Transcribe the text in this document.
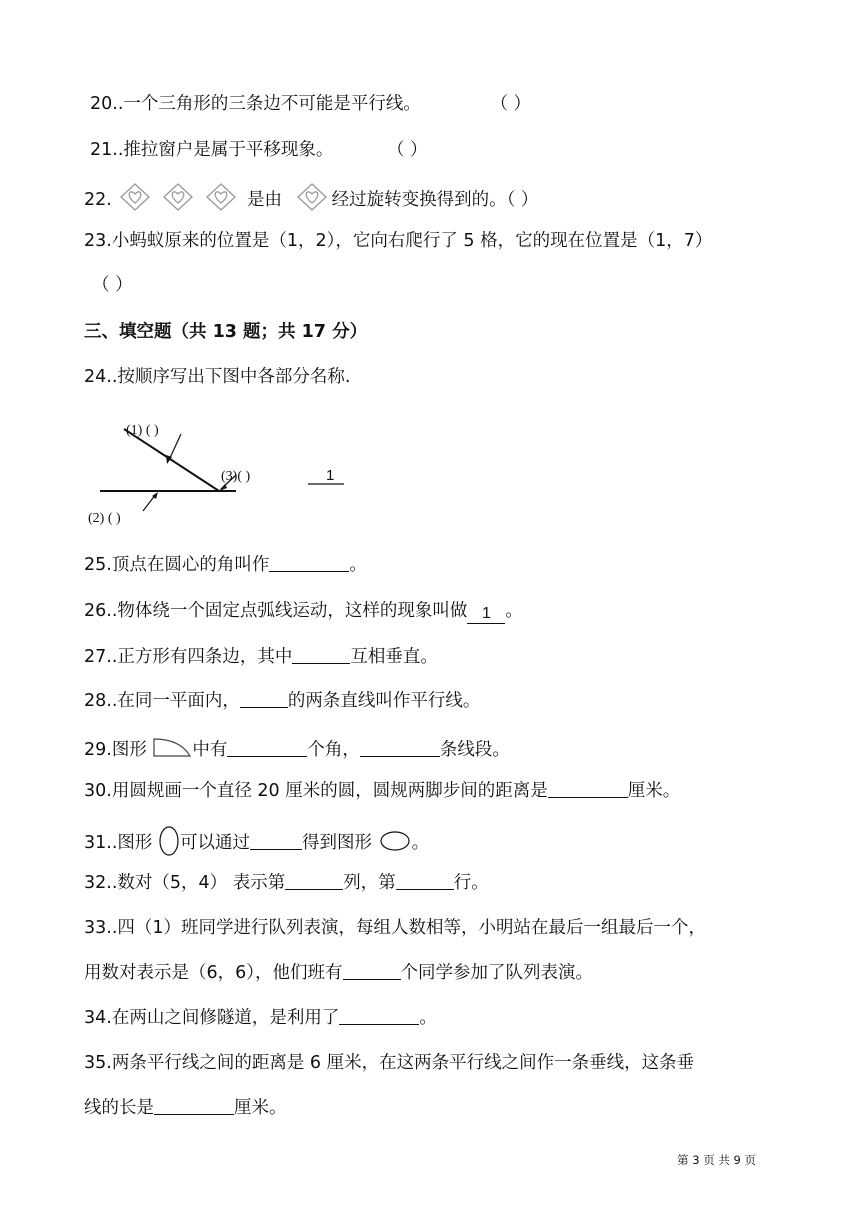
20..一个三角形的三条边不可能是平行线。	（ ）
21..推拉窗户是属于平移现象。	（ ）
22.	是由	经过旋转变换得到的。（ ）
23.小蚂蚁原来的位置是（1，2），它向右爬行了 5 格，它的现在位置是（1，7）
（ ）
三、填空题（共 13 题；共 17 分）
24..按顺序写出下图中各部分名称.
(1) ( )
(2) ( )
(3)( )	1
25.顶点在圆心的角叫作	。
26..物体绕一个固定点弧线运动，这样的现象叫做 1 。
27..正方形有四条边，其中	互相垂直。
28..在同一平面内，	的两条直线叫作平行线。
29.图形	中有	个角，	条线段。
30.用圆规画一个直径 20 厘米的圆，圆规两脚步间的距离是	厘米。
31..图形 可以通过	得到图形 。
32..数对（5，4） 表示第	列，第	行。
33..四（1）班同学进行队列表演，每组人数相等，小明站在最后一组最后一个，
用数对表示是（6，6），他们班有	个同学参加了队列表演。
34.在两山之间修隧道，是利用了	。
35.两条平行线之间的距离是 6 厘米，在这两条平行线之间作一条垂线，这条垂
线的长是	厘米。
第 3 页 共 9 页
